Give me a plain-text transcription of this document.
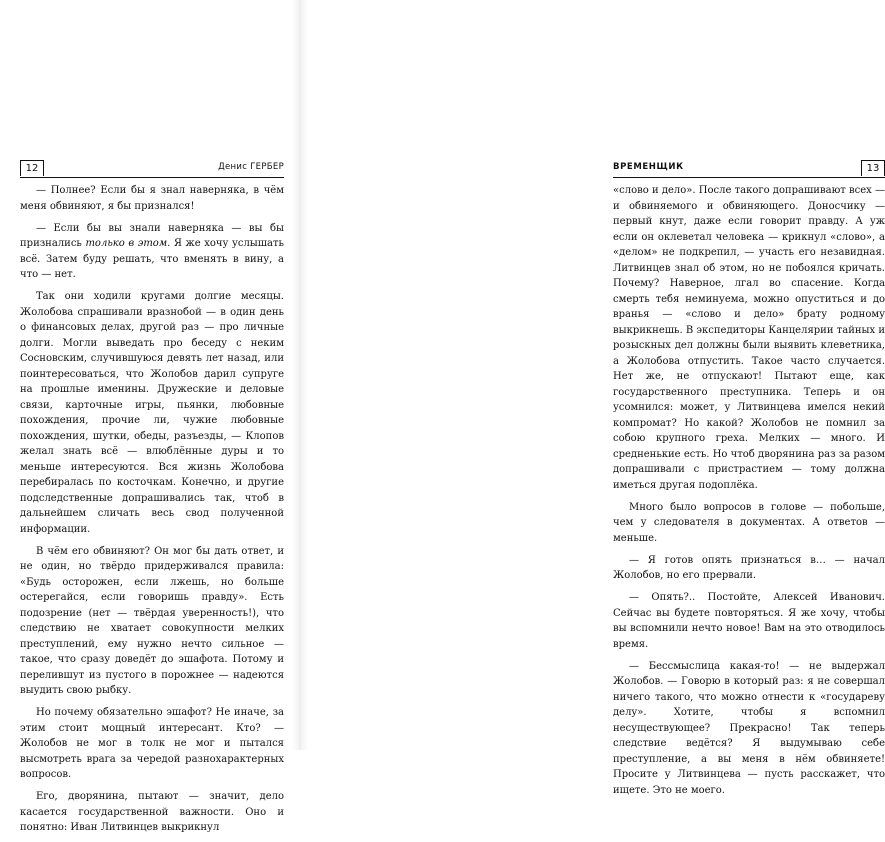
12	Денис ГЕРБЕР

— Полнее? Если бы я знал наверняка, в чём меня обвиняют, я бы признался!

— Если бы вы знали наверняка — вы бы признались только в этом. Я же хочу услышать всё. Затем буду решать, что вменять в вину, а что — нет.

Так они ходили кругами долгие месяцы. Жолобова спрашивали вразнобой — в один день о финансовых делах, другой раз — про личные долги. Могли выведать про беседу с неким Сосновским, случившуюся девять лет назад, или поинтересоваться, что Жолобов дарил супруге на прошлые именины. Дружеские и деловые связи, карточные игры, пьянки, любовные похождения, прочие ли, чужие любовные похождения, шутки, обеды, разъезды, — Клопов желал знать всё — влюблённые дуры и то меньше интересуются. Вся жизнь Жолобова перебиралась по косточкам. Конечно, и другие подследственные допрашивались так, чтоб в дальнейшем сличать весь свод полученной информации.

В чём его обвиняют? Он мог бы дать ответ, и не один, но твёрдо придерживался правила: «Будь осторожен, если лжешь, но больше остерегайся, если говоришь правду». Есть подозрение (нет — твёрдая уверенность!), что следствию не хватает совокупности мелких преступлений, ему нужно нечто сильное — такое, что сразу доведёт до эшафота. Потому и перелившут из пустого в порожнее — надеются выудить свою рыбку.

Но почему обязательно эшафот? Не иначе, за этим стоит мощный интересант. Кто? — Жолобов не мог в толк не мог и пытался высмотреть врага за чередой разнохарактерных вопросов.

Его, дворянина, пытают — значит, дело касается государственной важности. Оно и понятно: Иван Литвинцев выкрикнул

ВРЕМЕНЩИК	13

«слово и дело». После такого допрашивают всех — и обвиняемого и обвиняющего. Доносчику — первый кнут, даже если говорит правду. А уж если он оклеветал человека — крикнул «слово», а «делом» не подкрепил, — участь его незавидная. Литвинцев знал об этом, но не побоялся кричать. Почему? Наверное, лгал во спасение. Когда смерть тебя неминуема, можно опуститься и до вранья — «слово и дело» брату родному выкрикнешь. В экспедиторы Канцелярии тайных и розыскных дел должны были выявить клеветника, а Жолобова отпустить. Такое часто случается. Нет же, не отпускают! Пытают еще, как государственного преступника. Теперь и он усомнился: может, у Литвинцева имелся некий компромат? Но какой? Жолобов не помнил за собою крупного греха. Мелких — много. И средненькие есть. Но чтоб дворянина раз за разом допрашивали с пристрастием — тому должна иметься другая подоплёка.

Много было вопросов в голове — побольше, чем у следователя в документах. А ответов — меньше.

— Я готов опять признаться в… — начал Жолобов, но его прервали.

— Опять?.. Постойте, Алексей Иванович. Сейчас вы будете повторяться. Я же хочу, чтобы вы вспомнили нечто новое! Вам на это отводилось время.

— Бессмыслица какая-то! — не выдержал Жолобов. — Говорю в который раз: я не совершал ничего такого, что можно отнести к «государеву делу». Хотите, чтобы я вспомнил несуществующее? Прекрасно! Так теперь следствие ведётся? Я выдумываю себе преступление, а вы меня в нём обвиняете! Просите у Литвинцева — пусть расскажет, что ищете. Это не моего.
